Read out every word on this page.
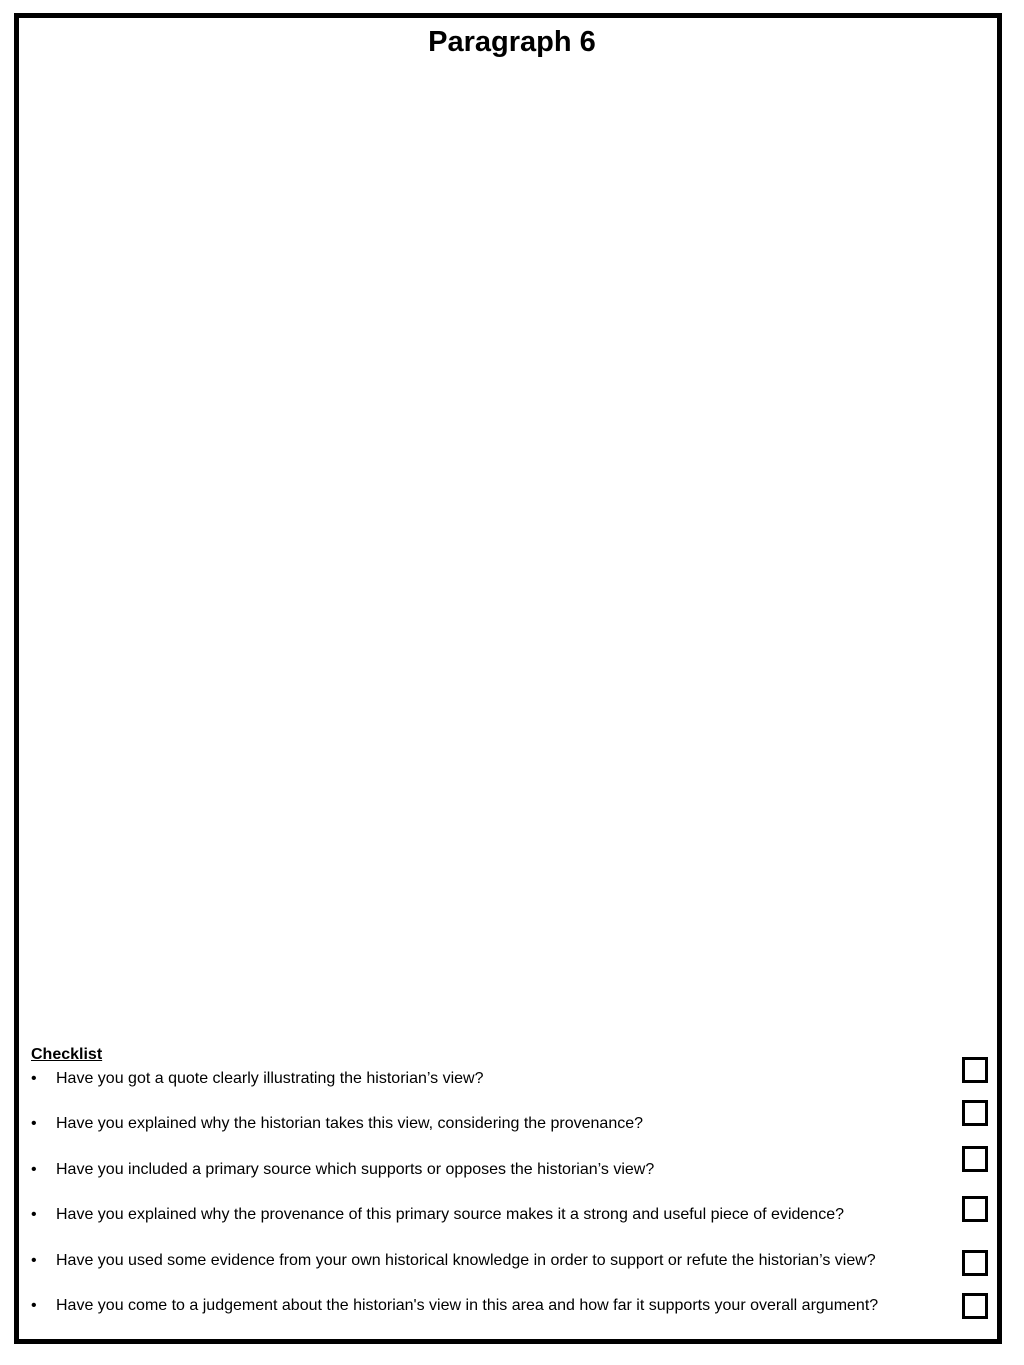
Paragraph 6
Checklist
• Have you got a quote clearly illustrating the historian’s view?
• Have you explained why the historian takes this view, considering the provenance?
• Have you included a primary source which supports or opposes the historian’s view?
• Have you explained why the provenance of this primary source makes it a strong and useful piece of evidence?
• Have you used some evidence from your own historical knowledge in order to support or refute the historian’s view?
• Have you come to a judgement about the historian's view in this area and how far it supports your overall argument?
